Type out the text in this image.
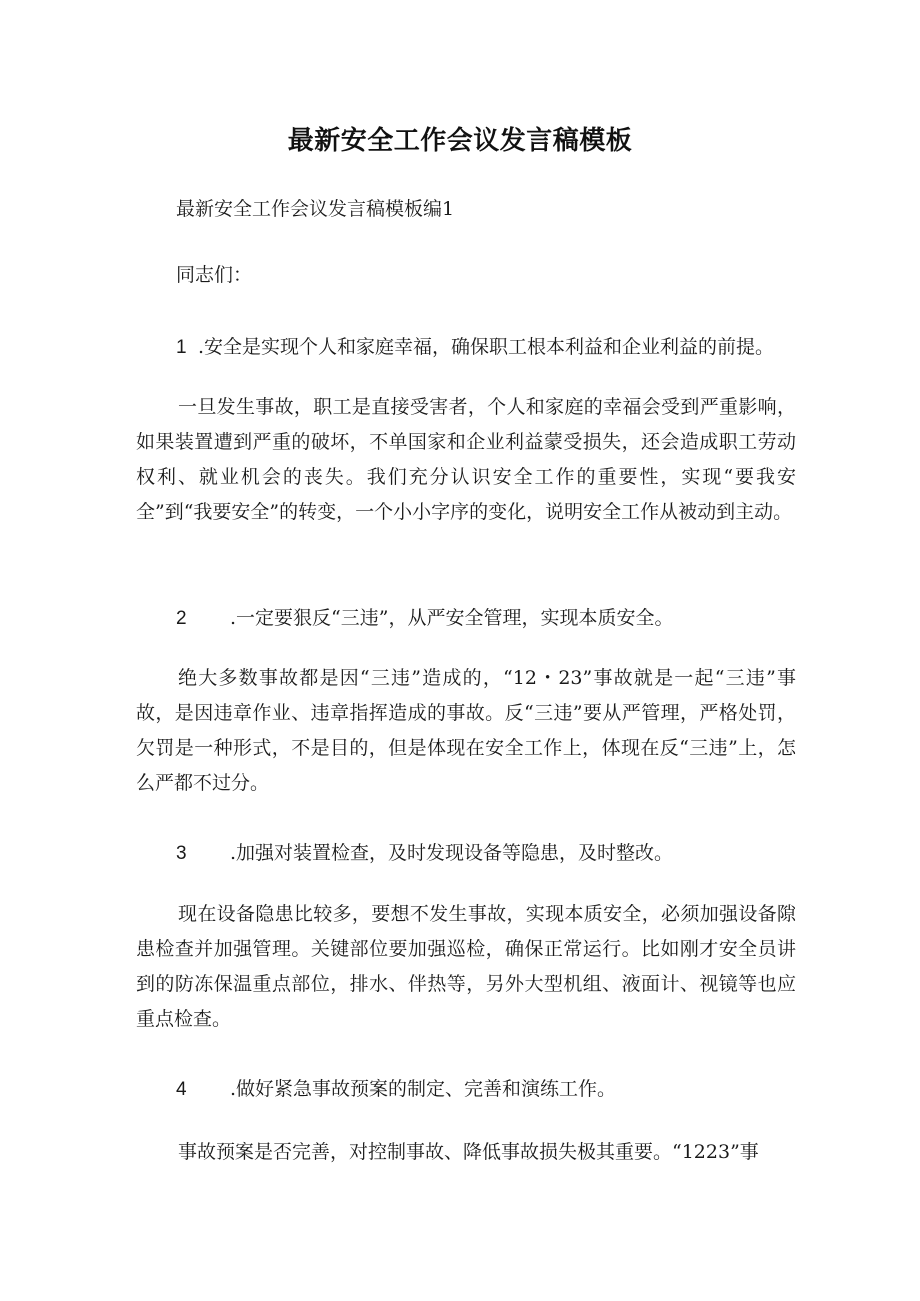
最新安全工作会议发言稿模板

最新安全工作会议发言稿模板编1

同志们：

1 .安全是实现个人和家庭幸福，确保职工根本利益和企业利益的前提。

一旦发生事故，职工是直接受害者，个人和家庭的幸福会受到严重影响，如果装置遭到严重的破坏，不单国家和企业利益蒙受损失，还会造成职工劳动权利、就业机会的丧失。我们充分认识安全工作的重要性，实现“要我安全”到“我要安全”的转变，一个小小字序的变化，说明安全工作从被动到主动。

2 .一定要狠反“三违”，从严安全管理，实现本质安全。

绝大多数事故都是因“三违”造成的，“12・23”事故就是一起“三违”事故，是因违章作业、违章指挥造成的事故。反“三违”要从严管理，严格处罚，欠罚是一种形式，不是目的，但是体现在安全工作上，体现在反“三违”上，怎么严都不过分。

3 .加强对装置检查，及时发现设备等隐患，及时整改。

现在设备隐患比较多，要想不发生事故，实现本质安全，必须加强设备隙患检查并加强管理。关键部位要加强巡检，确保正常运行。比如刚才安全员讲到的防冻保温重点部位，排水、伴热等，另外大型机组、液面计、视镜等也应重点检查。

4 .做好紧急事故预案的制定、完善和演练工作。

事故预案是否完善，对控制事故、降低事故损失极其重要。“1223”事
